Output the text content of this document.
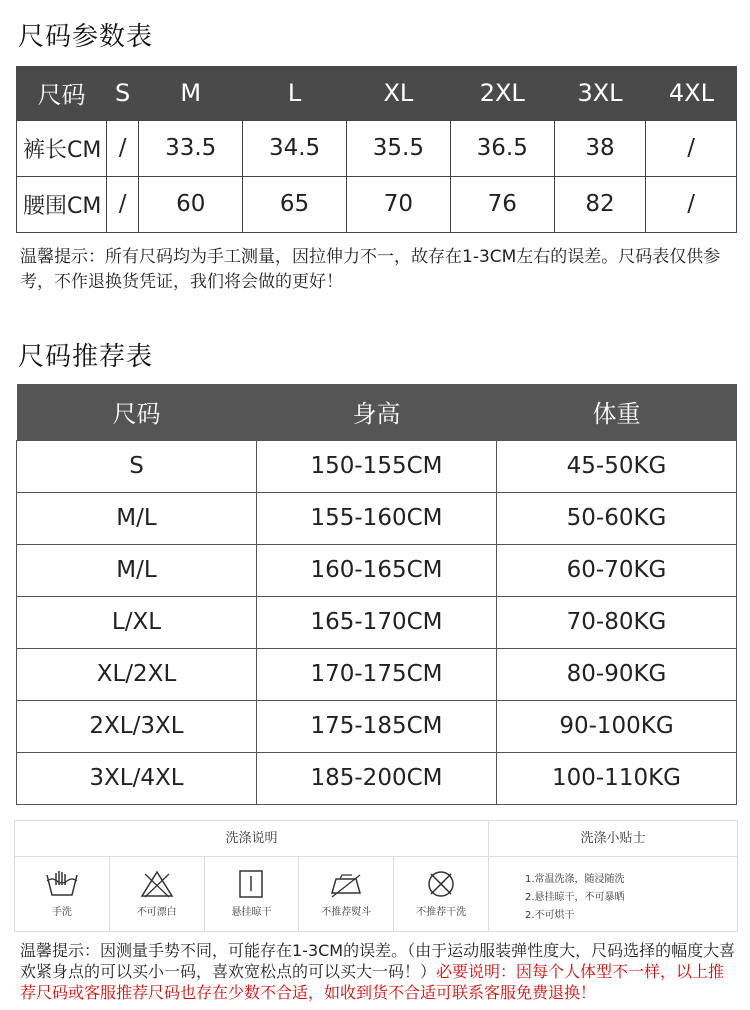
尺码参数表
尺码	S	M	L	XL	2XL	3XL	4XL
裤长CM	/	33.5	34.5	35.5	36.5	38	/
腰围CM	/	60	65	70	76	82	/
温馨提示：所有尺码均为手工测量，因拉伸力不一，故存在1-3CM左右的误差。尺码表仅供参考，不作退换货凭证，我们将会做的更好！
尺码推荐表
尺码	身高	体重
S	150-155CM	45-50KG
M/L	155-160CM	50-60KG
M/L	160-165CM	60-70KG
L/XL	165-170CM	70-80KG
XL/2XL	170-175CM	80-90KG
2XL/3XL	175-185CM	90-100KG
3XL/4XL	185-200CM	100-110KG
洗涤说明	洗涤小贴士
手洗	不可漂白	悬挂晾干	不推荐熨斗	不推荐干洗
1.常温洗涤，随浸随洗
2.悬挂晾干，不可暴晒
2.不可烘干
温馨提示：因测量手势不同，可能存在1-3CM的误差。（由于运动服装弹性度大，尺码选择的幅度大喜欢紧身点的可以买小一码，喜欢宽松点的可以买大一码！）必要说明：因每个人体型不一样，以上推荐尺码或客服推荐尺码也存在少数不合适，如收到货不合适可联系客服免费退换！
